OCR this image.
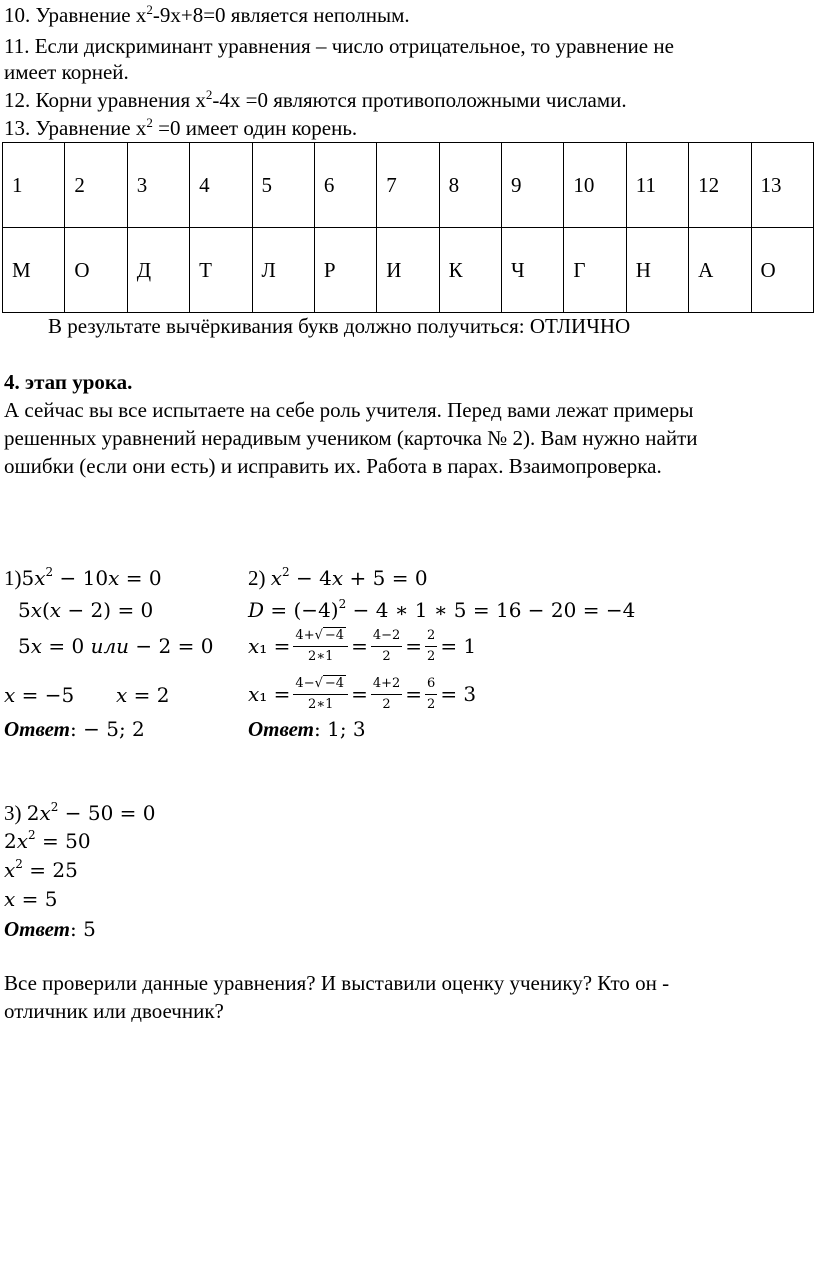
10. Уравнение $х^2-9х+8=0$ является неполным.
11. Если дискриминант уравнения – число отрицательное, то уравнение не
имеет корней.
12. Корни уравнения $х^2-4х =0$ являются противоположными числами.
13. Уравнение $х^2 =0$ имеет один корень.
1	2	3	4	5	6	7	8	9	10	11	12	13
М	О	Д	Т	Л	Р	И	К	Ч	Г	Н	А	О
В результате вычёркивания букв должно получиться: ОТЛИЧНО
4. этап урока.
А сейчас вы все испытаете на себе роль учителя. Перед вами лежат примеры
решенных уравнений нерадивым учеником (карточка № 2). Вам нужно найти
ошибки (если они есть) и исправить их. Работа в парах. Взаимопроверка.
$1)5x^2 - 10x = 0$
5𝑥(𝑥 − 2) = 0
5𝑥 = 0 или − 2 = 0
𝑥 = −5 𝑥 = 2
Ответ: − 5; 2
2) 𝑥$^2$ − 4𝑥 + 5 = 0
𝐷 = $(-4)^2 - 4$ ∗ 1 ∗ 5 = 16 − 20 = −4
𝑥₁ = $\frac{4+√ -4}{2∗1} = \frac{4-2}{2} = \frac{2}{2} = 1$
𝑥₁ = $\frac{4-√ -4}{2∗1} = \frac{4+2}{2} = \frac{6}{2} = 3$
Ответ: 1; 3
3) 2𝑥$^2$ − 50 = 0
2𝑥$^2$ = 50
𝑥$^2$ = 25
𝑥 = 5
Ответ: 5
Все проверили данные уравнения? И выставили оценку ученику? Кто он -
отличник или двоечник?
